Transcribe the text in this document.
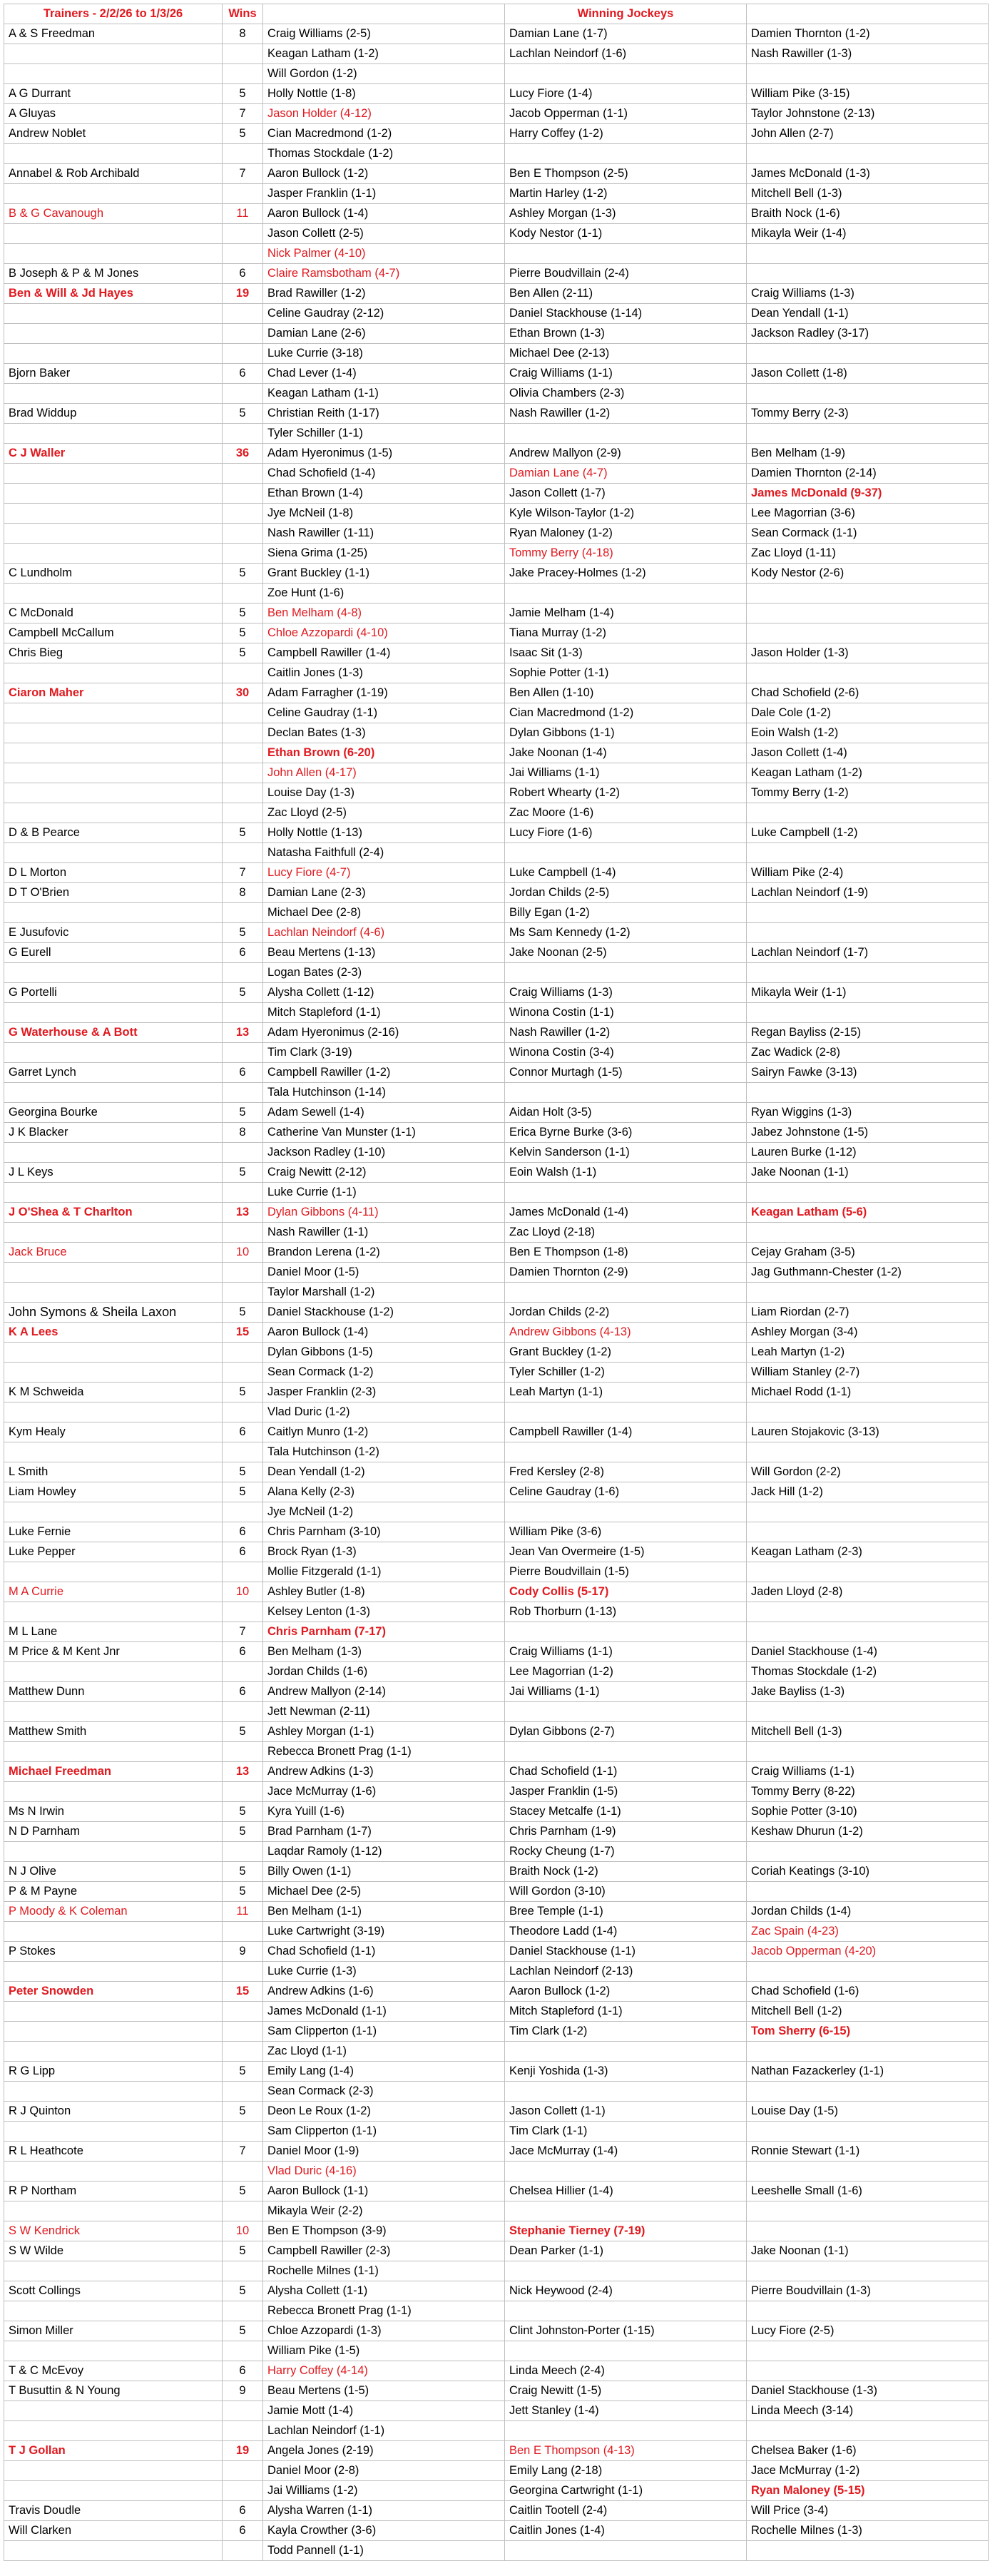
Trainers - 2/2/26 to 1/3/26	Wins		Winning Jockeys	
A & S Freedman	8	Craig Williams (2-5)	Damian Lane (1-7)	Damien Thornton (1-2)
		Keagan Latham (1-2)	Lachlan Neindorf (1-6)	Nash Rawiller (1-3)
		Will Gordon (1-2)		
A G Durrant	5	Holly Nottle (1-8)	Lucy Fiore (1-4)	William Pike (3-15)
A Gluyas	7	Jason Holder (4-12)	Jacob Opperman (1-1)	Taylor Johnstone (2-13)
Andrew Noblet	5	Cian Macredmond (1-2)	Harry Coffey (1-2)	John Allen (2-7)
		Thomas Stockdale (1-2)		
Annabel & Rob Archibald	7	Aaron Bullock (1-2)	Ben E Thompson (2-5)	James McDonald (1-3)
		Jasper Franklin (1-1)	Martin Harley (1-2)	Mitchell Bell (1-3)
B & G Cavanough	11	Aaron Bullock (1-4)	Ashley Morgan (1-3)	Braith Nock (1-6)
		Jason Collett (2-5)	Kody Nestor (1-1)	Mikayla Weir (1-4)
		Nick Palmer (4-10)		
B Joseph & P & M Jones	6	Claire Ramsbotham (4-7)	Pierre Boudvillain (2-4)	
Ben & Will & Jd Hayes	19	Brad Rawiller (1-2)	Ben Allen (2-11)	Craig Williams (1-3)
		Celine Gaudray (2-12)	Daniel Stackhouse (1-14)	Dean Yendall (1-1)
		Damian Lane (2-6)	Ethan Brown (1-3)	Jackson Radley (3-17)
		Luke Currie (3-18)	Michael Dee (2-13)	
Bjorn Baker	6	Chad Lever (1-4)	Craig Williams (1-1)	Jason Collett (1-8)
		Keagan Latham (1-1)	Olivia Chambers (2-3)	
Brad Widdup	5	Christian Reith (1-17)	Nash Rawiller (1-2)	Tommy Berry (2-3)
		Tyler Schiller (1-1)		
C J Waller	36	Adam Hyeronimus (1-5)	Andrew Mallyon (2-9)	Ben Melham (1-9)
		Chad Schofield (1-4)	Damian Lane (4-7)	Damien Thornton (2-14)
		Ethan Brown (1-4)	Jason Collett (1-7)	James McDonald (9-37)
		Jye McNeil (1-8)	Kyle Wilson-Taylor (1-2)	Lee Magorrian (3-6)
		Nash Rawiller (1-11)	Ryan Maloney (1-2)	Sean Cormack (1-1)
		Siena Grima (1-25)	Tommy Berry (4-18)	Zac Lloyd (1-11)
C Lundholm	5	Grant Buckley (1-1)	Jake Pracey-Holmes (1-2)	Kody Nestor (2-6)
		Zoe Hunt (1-6)		
C McDonald	5	Ben Melham (4-8)	Jamie Melham (1-4)	
Campbell McCallum	5	Chloe Azzopardi (4-10)	Tiana Murray (1-2)	
Chris Bieg	5	Campbell Rawiller (1-4)	Isaac Sit (1-3)	Jason Holder (1-3)
		Caitlin Jones (1-3)	Sophie Potter (1-1)	
Ciaron Maher	30	Adam Farragher (1-19)	Ben Allen (1-10)	Chad Schofield (2-6)
		Celine Gaudray (1-1)	Cian Macredmond (1-2)	Dale Cole (1-2)
		Declan Bates (1-3)	Dylan Gibbons (1-1)	Eoin Walsh (1-2)
		Ethan Brown (6-20)	Jake Noonan (1-4)	Jason Collett (1-4)
		John Allen (4-17)	Jai Williams (1-1)	Keagan Latham (1-2)
		Louise Day (1-3)	Robert Whearty (1-2)	Tommy Berry (1-2)
		Zac Lloyd (2-5)	Zac Moore (1-6)	
D & B Pearce	5	Holly Nottle (1-13)	Lucy Fiore (1-6)	Luke Campbell (1-2)
		Natasha Faithfull (2-4)		
D L Morton	7	Lucy Fiore (4-7)	Luke Campbell (1-4)	William Pike (2-4)
D T O'Brien	8	Damian Lane (2-3)	Jordan Childs (2-5)	Lachlan Neindorf (1-9)
		Michael Dee (2-8)	Billy Egan (1-2)	
E Jusufovic	5	Lachlan Neindorf (4-6)	Ms Sam Kennedy (1-2)	
G Eurell	6	Beau Mertens (1-13)	Jake Noonan (2-5)	Lachlan Neindorf (1-7)
		Logan Bates (2-3)		
G Portelli	5	Alysha Collett (1-12)	Craig Williams (1-3)	Mikayla Weir (1-1)
		Mitch Stapleford (1-1)	Winona Costin (1-1)	
G Waterhouse & A Bott	13	Adam Hyeronimus (2-16)	Nash Rawiller (1-2)	Regan Bayliss (2-15)
		Tim Clark (3-19)	Winona Costin (3-4)	Zac Wadick (2-8)
Garret Lynch	6	Campbell Rawiller (1-2)	Connor Murtagh (1-5)	Sairyn Fawke (3-13)
		Tala Hutchinson (1-14)		
Georgina Bourke	5	Adam Sewell (1-4)	Aidan Holt (3-5)	Ryan Wiggins (1-3)
J K Blacker	8	Catherine Van Munster (1-1)	Erica Byrne Burke (3-6)	Jabez Johnstone (1-5)
		Jackson Radley (1-10)	Kelvin Sanderson (1-1)	Lauren Burke (1-12)
J L Keys	5	Craig Newitt (2-12)	Eoin Walsh (1-1)	Jake Noonan (1-1)
		Luke Currie (1-1)		
J O'Shea & T Charlton	13	Dylan Gibbons (4-11)	James McDonald (1-4)	Keagan Latham (5-6)
		Nash Rawiller (1-1)	Zac Lloyd (2-18)	
Jack Bruce	10	Brandon Lerena (1-2)	Ben E Thompson (1-8)	Cejay Graham (3-5)
		Daniel Moor (1-5)	Damien Thornton (2-9)	Jag Guthmann-Chester (1-2)
		Taylor Marshall (1-2)		
John Symons & Sheila Laxon	5	Daniel Stackhouse (1-2)	Jordan Childs (2-2)	Liam Riordan (2-7)
K A Lees	15	Aaron Bullock (1-4)	Andrew Gibbons (4-13)	Ashley Morgan (3-4)
		Dylan Gibbons (1-5)	Grant Buckley (1-2)	Leah Martyn (1-2)
		Sean Cormack (1-2)	Tyler Schiller (1-2)	William Stanley (2-7)
K M Schweida	5	Jasper Franklin (2-3)	Leah Martyn (1-1)	Michael Rodd (1-1)
		Vlad Duric (1-2)		
Kym Healy	6	Caitlyn Munro (1-2)	Campbell Rawiller (1-4)	Lauren Stojakovic (3-13)
		Tala Hutchinson (1-2)		
L Smith	5	Dean Yendall (1-2)	Fred Kersley (2-8)	Will Gordon (2-2)
Liam Howley	5	Alana Kelly (2-3)	Celine Gaudray (1-6)	Jack Hill (1-2)
		Jye McNeil (1-2)		
Luke Fernie	6	Chris Parnham (3-10)	William Pike (3-6)	
Luke Pepper	6	Brock Ryan (1-3)	Jean Van Overmeire (1-5)	Keagan Latham (2-3)
		Mollie Fitzgerald (1-1)	Pierre Boudvillain (1-5)	
M A Currie	10	Ashley Butler (1-8)	Cody Collis (5-17)	Jaden Lloyd (2-8)
		Kelsey Lenton (1-3)	Rob Thorburn (1-13)	
M L Lane	7	Chris Parnham (7-17)		
M Price & M Kent Jnr	6	Ben Melham (1-3)	Craig Williams (1-1)	Daniel Stackhouse (1-4)
		Jordan Childs (1-6)	Lee Magorrian (1-2)	Thomas Stockdale (1-2)
Matthew Dunn	6	Andrew Mallyon (2-14)	Jai Williams (1-1)	Jake Bayliss (1-3)
		Jett Newman (2-11)		
Matthew Smith	5	Ashley Morgan (1-1)	Dylan Gibbons (2-7)	Mitchell Bell (1-3)
		Rebecca Bronett Prag (1-1)		
Michael Freedman	13	Andrew Adkins (1-3)	Chad Schofield (1-1)	Craig Williams (1-1)
		Jace McMurray (1-6)	Jasper Franklin (1-5)	Tommy Berry (8-22)
Ms N Irwin	5	Kyra Yuill (1-6)	Stacey Metcalfe (1-1)	Sophie Potter (3-10)
N D Parnham	5	Brad Parnham (1-7)	Chris Parnham (1-9)	Keshaw Dhurun (1-2)
		Laqdar Ramoly (1-12)	Rocky Cheung (1-7)	
N J Olive	5	Billy Owen (1-1)	Braith Nock (1-2)	Coriah Keatings (3-10)
P & M Payne	5	Michael Dee (2-5)	Will Gordon (3-10)	
P Moody & K Coleman	11	Ben Melham (1-1)	Bree Temple (1-1)	Jordan Childs (1-4)
		Luke Cartwright (3-19)	Theodore Ladd (1-4)	Zac Spain (4-23)
P Stokes	9	Chad Schofield (1-1)	Daniel Stackhouse (1-1)	Jacob Opperman (4-20)
		Luke Currie (1-3)	Lachlan Neindorf (2-13)	
Peter Snowden	15	Andrew Adkins (1-6)	Aaron Bullock (1-2)	Chad Schofield (1-6)
		James McDonald (1-1)	Mitch Stapleford (1-1)	Mitchell Bell (1-2)
		Sam Clipperton (1-1)	Tim Clark (1-2)	Tom Sherry (6-15)
		Zac Lloyd (1-1)		
R G Lipp	5	Emily Lang (1-4)	Kenji Yoshida (1-3)	Nathan Fazackerley (1-1)
		Sean Cormack (2-3)		
R J Quinton	5	Deon Le Roux (1-2)	Jason Collett (1-1)	Louise Day (1-5)
		Sam Clipperton (1-1)	Tim Clark (1-1)	
R L Heathcote	7	Daniel Moor (1-9)	Jace McMurray (1-4)	Ronnie Stewart (1-1)
		Vlad Duric (4-16)		
R P Northam	5	Aaron Bullock (1-1)	Chelsea Hillier (1-4)	Leeshelle Small (1-6)
		Mikayla Weir (2-2)		
S W Kendrick	10	Ben E Thompson (3-9)	Stephanie Tierney (7-19)	
S W Wilde	5	Campbell Rawiller (2-3)	Dean Parker (1-1)	Jake Noonan (1-1)
		Rochelle Milnes (1-1)		
Scott Collings	5	Alysha Collett (1-1)	Nick Heywood (2-4)	Pierre Boudvillain (1-3)
		Rebecca Bronett Prag (1-1)		
Simon Miller	5	Chloe Azzopardi (1-3)	Clint Johnston-Porter (1-15)	Lucy Fiore (2-5)
		William Pike (1-5)		
T & C McEvoy	6	Harry Coffey (4-14)	Linda Meech (2-4)	
T Busuttin & N Young	9	Beau Mertens (1-5)	Craig Newitt (1-5)	Daniel Stackhouse (1-3)
		Jamie Mott (1-4)	Jett Stanley (1-4)	Linda Meech (3-14)
		Lachlan Neindorf (1-1)		
T J Gollan	19	Angela Jones (2-19)	Ben E Thompson (4-13)	Chelsea Baker (1-6)
		Daniel Moor (2-8)	Emily Lang (2-18)	Jace McMurray (1-2)
		Jai Williams (1-2)	Georgina Cartwright (1-1)	Ryan Maloney (5-15)
Travis Doudle	6	Alysha Warren (1-1)	Caitlin Tootell (2-4)	Will Price (3-4)
Will Clarken	6	Kayla Crowther (3-6)	Caitlin Jones (1-4)	Rochelle Milnes (1-3)
		Todd Pannell (1-1)		
